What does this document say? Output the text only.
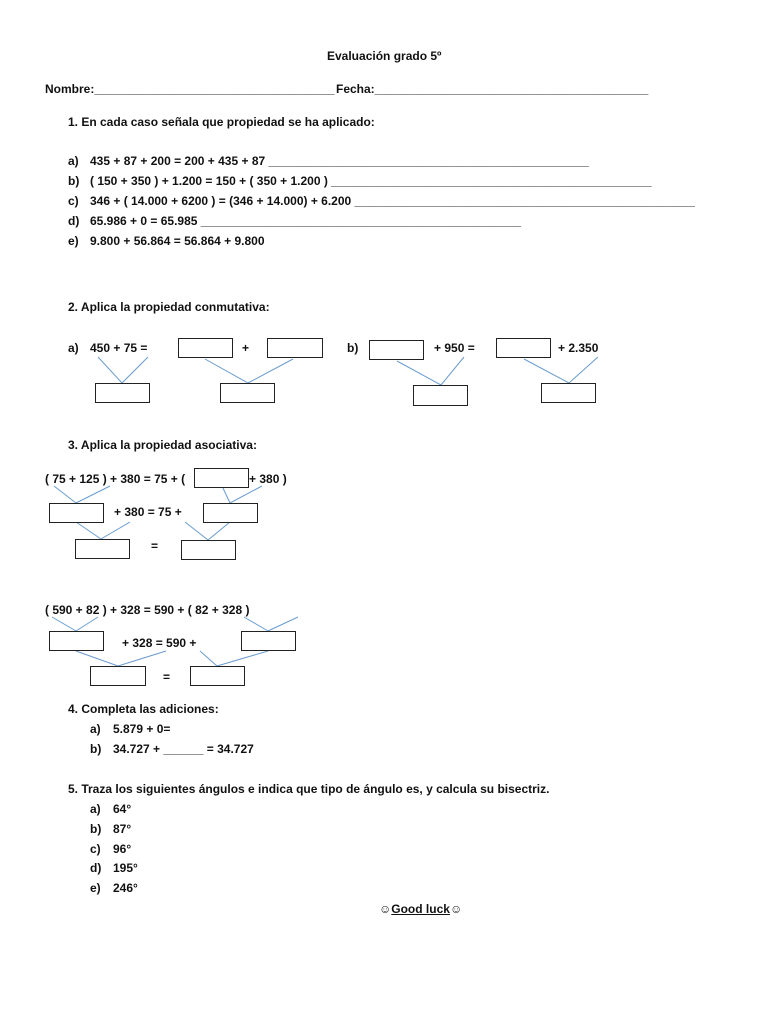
Evaluación grado 5º
Nombre:____________________________________ Fecha:_________________________________________
1. En cada caso señala que propiedad se ha aplicado:
a) 435 + 87 + 200 = 200 + 435 + 87 ________________________________________________
b) ( 150 + 350 ) + 1.200 = 150 + ( 350 + 1.200 ) ________________________________________________
c) 346 + ( 14.000 + 6200 ) = (346 + 14.000) + 6.200 ___________________________________________________
d) 65.986 + 0 = 65.985 ________________________________________________
e) 9.800 + 56.864 = 56.864 + 9.800
2. Aplica la propiedad conmutativa:
a) 450 + 75 =	+	b)	+ 950 =	+ 2.350
3. Aplica la propiedad asociativa:
( 75 + 125 ) + 380 = 75 + (	+ 380 )
+ 380 = 75 +
=
( 590 + 82 ) + 328 = 590 + ( 82 + 328 )
+ 328 = 590 +
=
4. Completa las adiciones:
a) 5.879 + 0=
b) 34.727 + ______ = 34.727
5. Traza los siguientes ángulos e indica que tipo de ángulo es, y calcula su bisectriz.
a) 64°
b) 87°
c) 96°
d) 195°
e) 246°
☺Good luck☺
